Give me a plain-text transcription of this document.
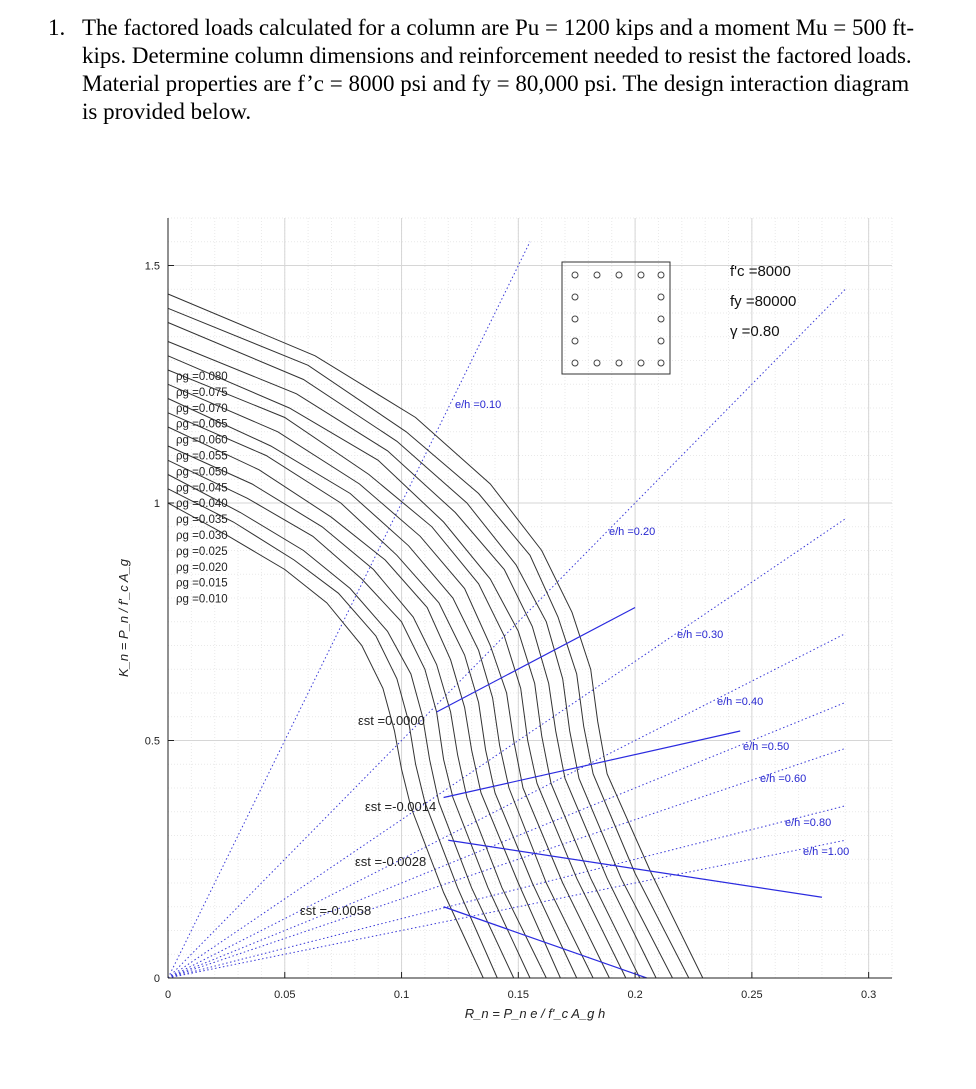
1. The factored loads calculated for a column are Pu = 1200 kips and a moment Mu = 500 ft-kips. Determine column dimensions and reinforcement needed to resist the factored loads. Material properties are f’c = 8000 psi and fy = 80,000 psi. The design interaction diagram is provided below.
0	0.05	0.1	0.15	0.2	0.25	0.3
0
0.5
1
1.5
R_n = P_n e / f'_c A_g h
K_n = P_n / f'_c A_g
f'c =8000
fy =80000
γ =0.80
ρg =0.080
ρg =0.075
ρg =0.070
ρg =0.065
ρg =0.060
ρg =0.055
ρg =0.050
ρg =0.045
ρg =0.040
ρg =0.035
ρg =0.030
ρg =0.025
ρg =0.020
ρg =0.015
ρg =0.010
e/h =0.10
e/h =0.20
e/h =0.30
e/h =0.40
e/h =0.50
e/h =0.60
e/h =0.80
e/h =1.00
εst =0.0000
εst =-0.0014
εst =-0.0028
εst =-0.0058
